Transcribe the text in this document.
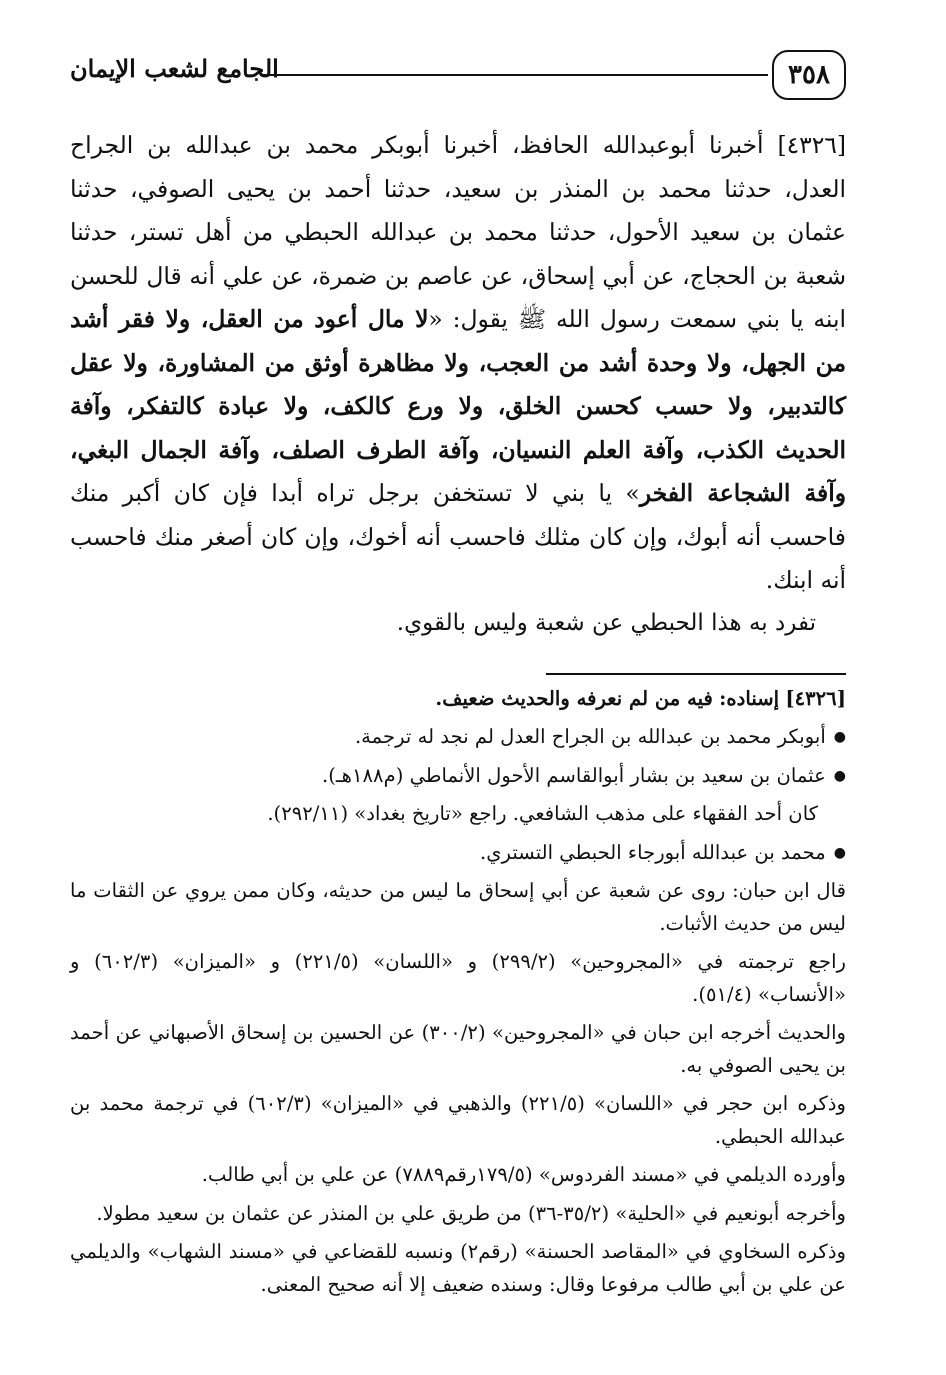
٣٥٨
الجامع لشعب الإيمان

[٤٣٢٦] أخبرنا أبوعبدالله الحافظ، أخبرنا أبوبكر محمد بن عبدالله بن الجراح العدل، حدثنا محمد بن المنذر بن سعيد، حدثنا أحمد بن يحيى الصوفي، حدثنا عثمان بن سعيد الأحول، حدثنا محمد بن عبدالله الحبطي من أهل تستر، حدثنا شعبة بن الحجاج، عن أبي إسحاق، عن عاصم بن ضمرة، عن علي أنه قال للحسن ابنه يا بني سمعت رسول الله ﷺ يقول: «لا مال أعود من العقل، ولا فقر أشد من الجهل، ولا وحدة أشد من العجب، ولا مظاهرة أوثق من المشاورة، ولا عقل كالتدبير، ولا حسب كحسن الخلق، ولا ورع كالكف، ولا عبادة كالتفكر، وآفة الحديث الكذب، وآفة العلم النسيان، وآفة الطرف الصلف، وآفة الجمال البغي، وآفة الشجاعة الفخر» يا بني لا تستخفن برجل تراه أبدا فإن كان أكبر منك فاحسب أنه أبوك، وإن كان مثلك فاحسب أنه أخوك، وإن كان أصغر منك فاحسب أنه ابنك.

تفرد به هذا الحبطي عن شعبة وليس بالقوي.

[٤٣٢٦] إسناده: فيه من لم نعرفه والحديث ضعيف.

● أبوبكر محمد بن عبدالله بن الجراح العدل لم نجد له ترجمة.

● عثمان بن سعيد بن بشار أبوالقاسم الأحول الأنماطي (م١٨٨هـ).

كان أحد الفقهاء على مذهب الشافعي. راجع «تاريخ بغداد» (٢٩٢/١١).

● محمد بن عبدالله أبورجاء الحبطي التستري.

قال ابن حبان: روى عن شعبة عن أبي إسحاق ما ليس من حديثه، وكان ممن يروي عن الثقات ما ليس من حديث الأثبات.

راجع ترجمته في «المجروحين» (٢٩٩/٢) و «اللسان» (٢٢١/٥) و «الميزان» (٦٠٢/٣) و «الأنساب» (٥١/٤).

والحديث أخرجه ابن حبان في «المجروحين» (٣٠٠/٢) عن الحسين بن إسحاق الأصبهاني عن أحمد بن يحيى الصوفي به.

وذكره ابن حجر في «اللسان» (٢٢١/٥) والذهبي في «الميزان» (٦٠٢/٣) في ترجمة محمد بن عبدالله الحبطي.

وأورده الديلمي في «مسند الفردوس» (١٧٩/٥رقم٧٨٨٩) عن علي بن أبي طالب.

وأخرجه أبونعيم في «الحلية» (٣٥/٢-٣٦) من طريق علي بن المنذر عن عثمان بن سعيد مطولا.

وذكره السخاوي في «المقاصد الحسنة» (رقم٢) ونسبه للقضاعي في «مسند الشهاب» والديلمي عن علي بن أبي طالب مرفوعا وقال: وسنده ضعيف إلا أنه صحيح المعنى.
